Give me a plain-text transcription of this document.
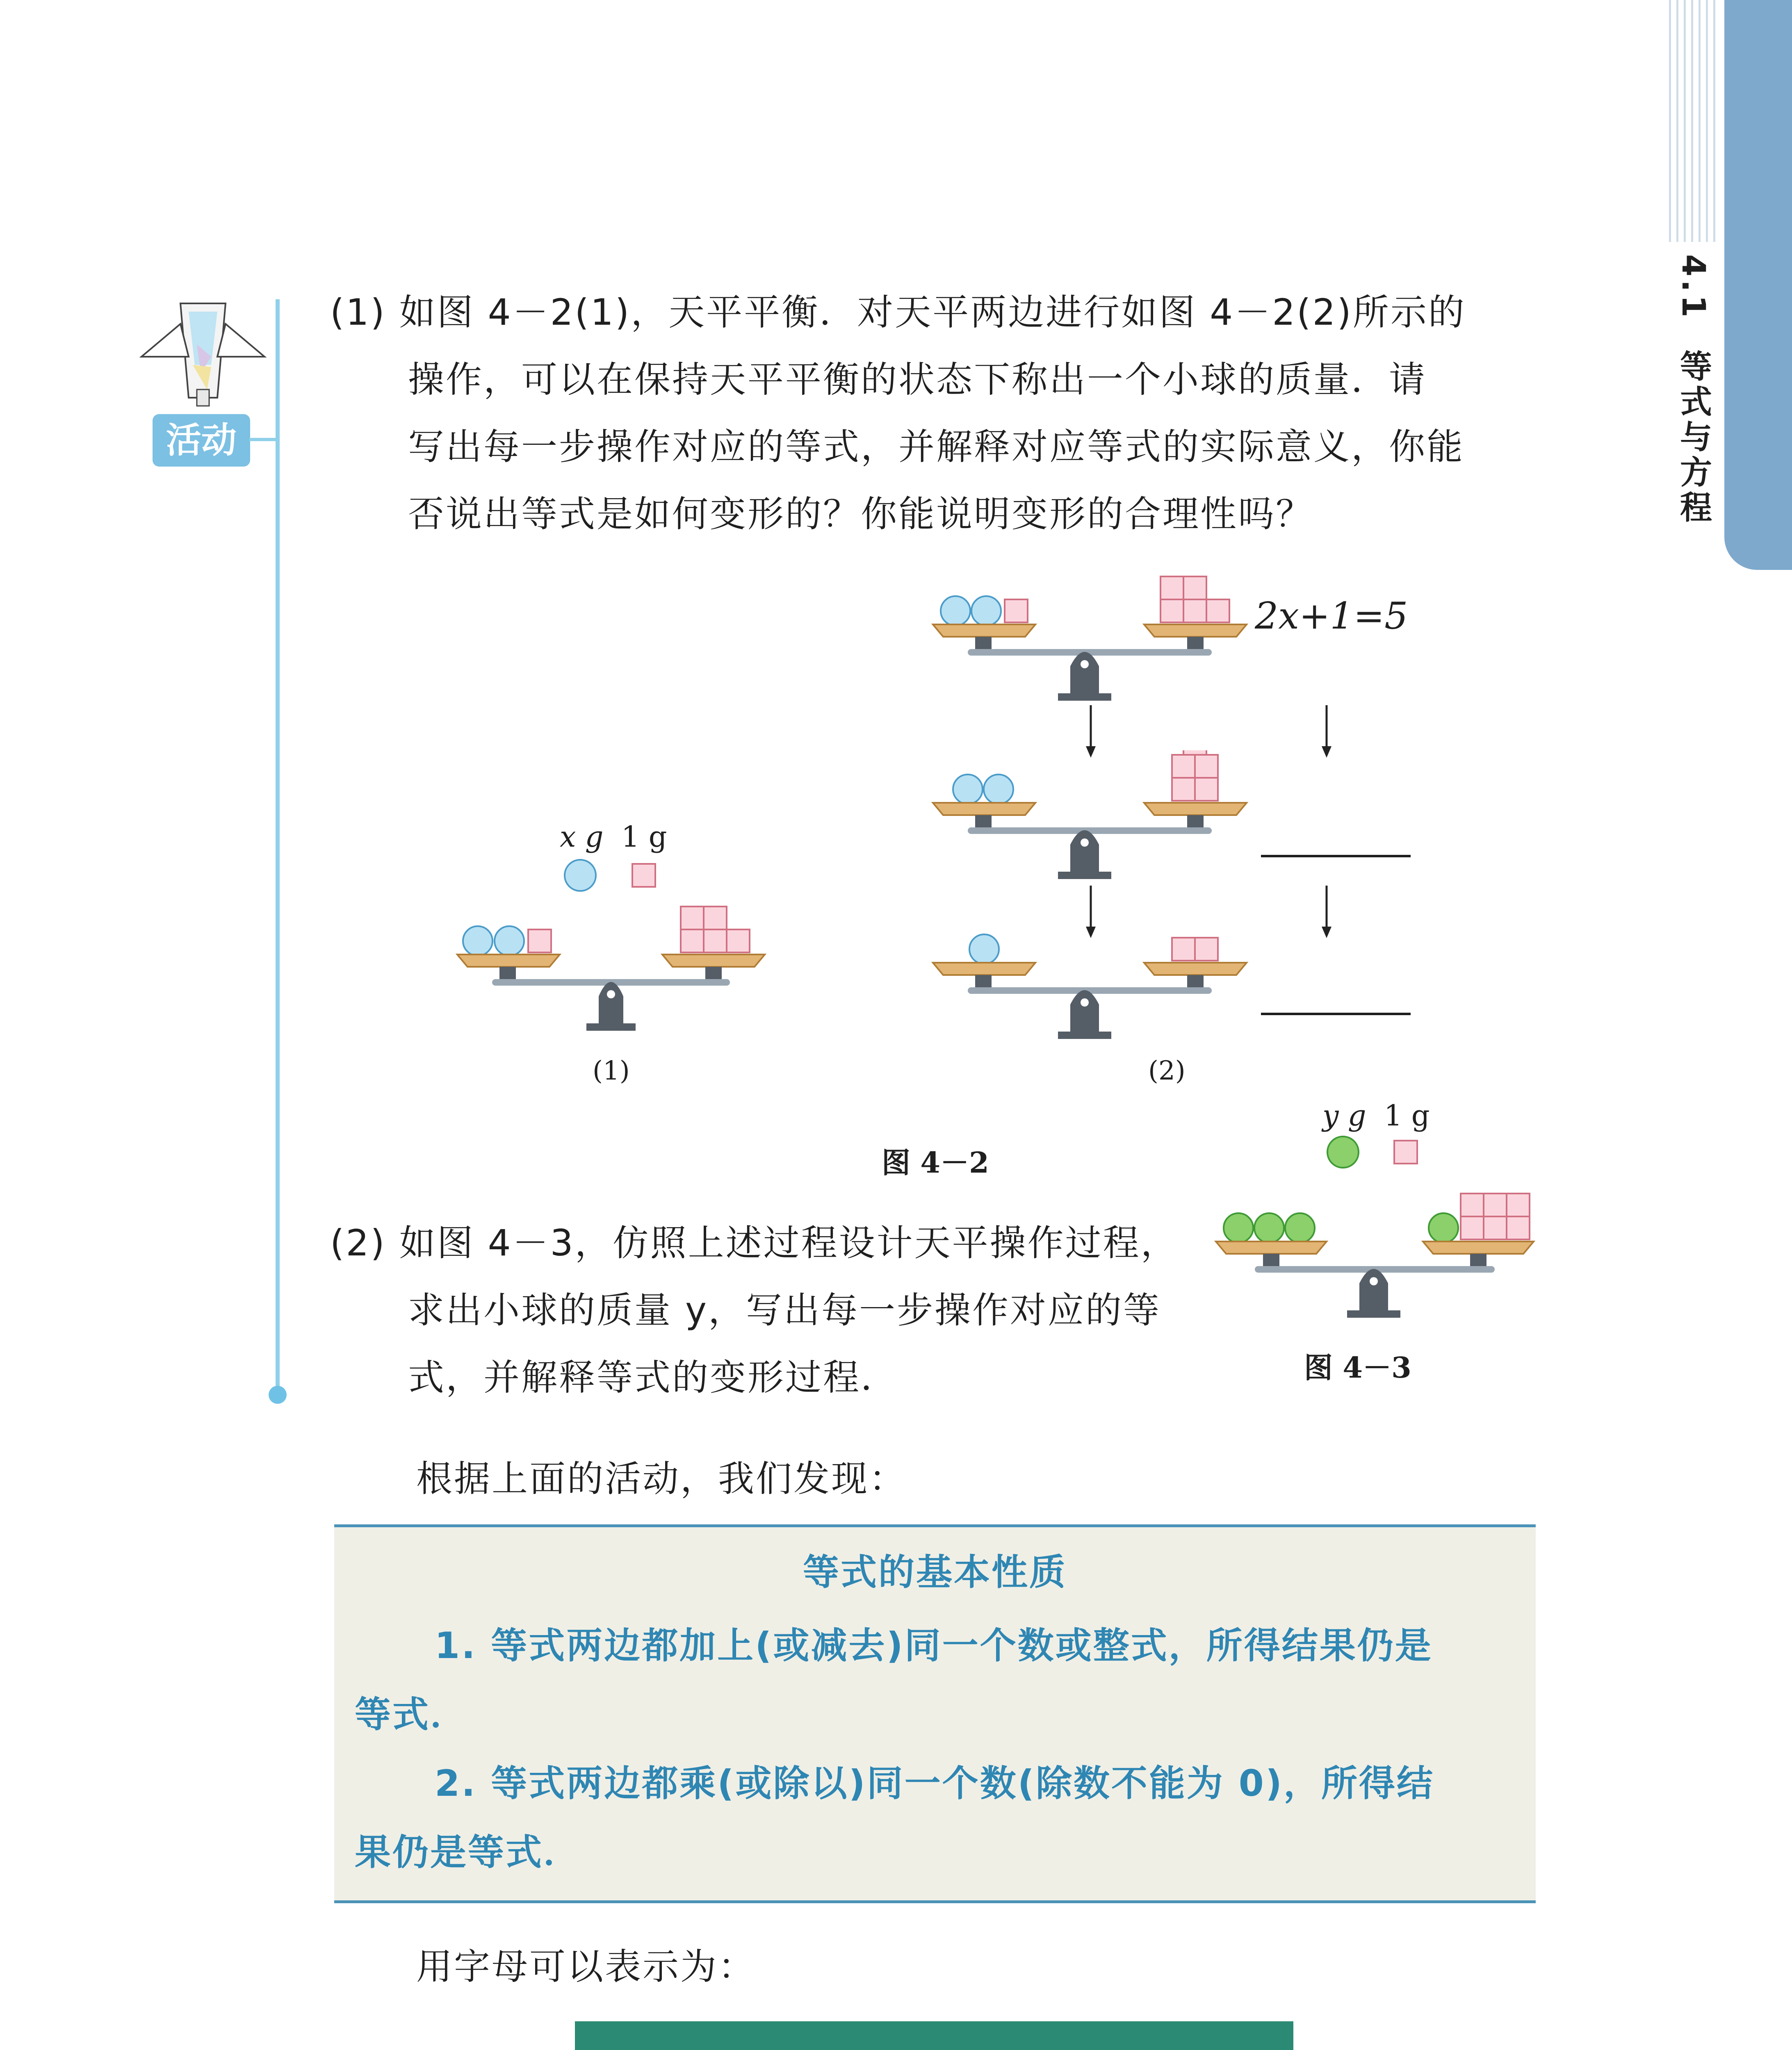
4.1  等式与方程
活动
(1) 如图 4－2(1)，天平平衡．对天平两边进行如图 4－2(2)所示的
操作，可以在保持天平平衡的状态下称出一个小球的质量．请
写出每一步操作对应的等式，并解释对应等式的实际意义，你能
否说出等式是如何变形的？你能说明变形的合理性吗？
x g 1 g
(1)
2x+1=5
(2)
图 4－2
y g 1 g
图 4－3
(2) 如图 4－3，仿照上述过程设计天平操作过程，
求出小球的质量 y，写出每一步操作对应的等
式，并解释等式的变形过程．
根据上面的活动，我们发现：
等式的基本性质
1. 等式两边都加上(或减去)同一个数或整式，所得结果仍是
等式．
2. 等式两边都乘(或除以)同一个数(除数不能为 0)，所得结
果仍是等式．
用字母可以表示为：
